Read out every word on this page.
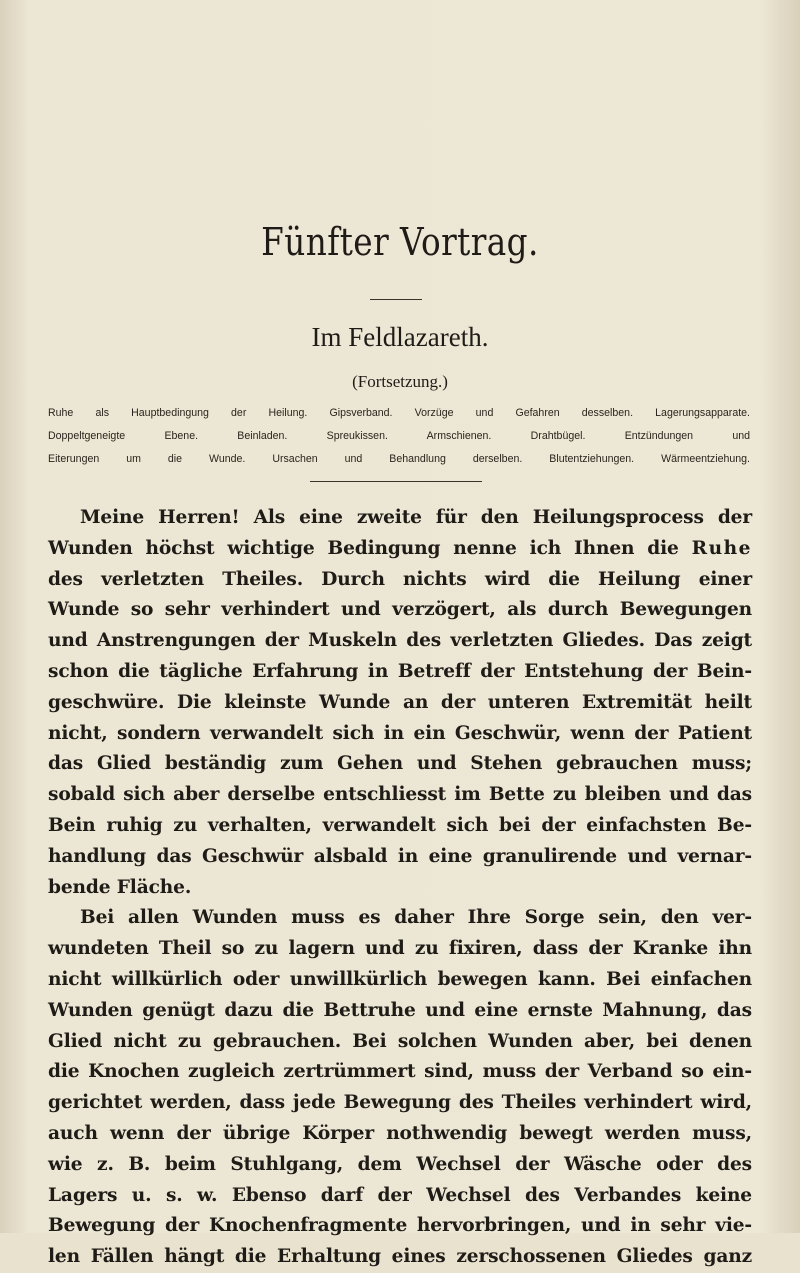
Fünfter Vortrag.
Im Feldlazareth.
(Fortsetzung.)
Ruhe als Hauptbedingung der Heilung. Gipsverband. Vorzüge und Gefahren desselben. Lagerungsapparate.
Doppeltgeneigte Ebene. Beinladen. Spreukissen. Armschienen. Drahtbügel. Entzündungen und
Eiterungen um die Wunde. Ursachen und Behandlung derselben. Blutentziehungen. Wärmeentziehung.
Meine Herren! Als eine zweite für den Heilungsprocess der
Wunden höchst wichtige Bedingung nenne ich Ihnen die Ruhe
des verletzten Theiles. Durch nichts wird die Heilung einer
Wunde so sehr verhindert und verzögert, als durch Bewegungen
und Anstrengungen der Muskeln des verletzten Gliedes. Das zeigt
schon die tägliche Erfahrung in Betreff der Entstehung der Bein-
geschwüre. Die kleinste Wunde an der unteren Extremität heilt
nicht, sondern verwandelt sich in ein Geschwür, wenn der Patient
das Glied beständig zum Gehen und Stehen gebrauchen muss;
sobald sich aber derselbe entschliesst im Bette zu bleiben und das
Bein ruhig zu verhalten, verwandelt sich bei der einfachsten Be-
handlung das Geschwür alsbald in eine granulirende und vernar-
bende Fläche.
Bei allen Wunden muss es daher Ihre Sorge sein, den ver-
wundeten Theil so zu lagern und zu fixiren, dass der Kranke ihn
nicht willkürlich oder unwillkürlich bewegen kann. Bei einfachen
Wunden genügt dazu die Bettruhe und eine ernste Mahnung, das
Glied nicht zu gebrauchen. Bei solchen Wunden aber, bei denen
die Knochen zugleich zertrümmert sind, muss der Verband so ein-
gerichtet werden, dass jede Bewegung des Theiles verhindert wird,
auch wenn der übrige Körper nothwendig bewegt werden muss,
wie z. B. beim Stuhlgang, dem Wechsel der Wäsche oder des
Lagers u. s. w. Ebenso darf der Wechsel des Verbandes keine
Bewegung der Knochenfragmente hervorbringen, und in sehr vie-
len Fällen hängt die Erhaltung eines zerschossenen Gliedes ganz
